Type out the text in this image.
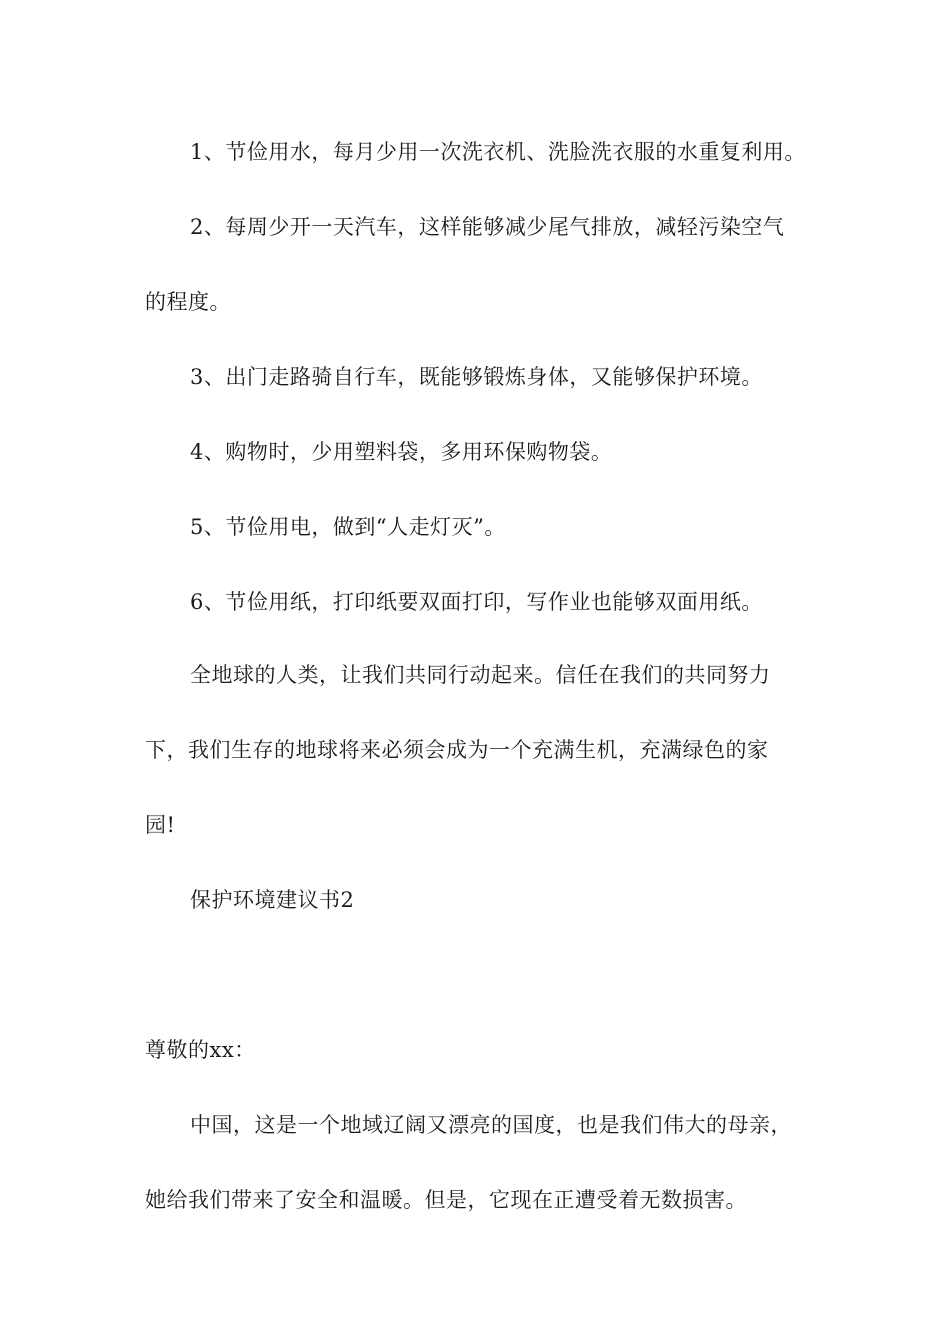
1、节俭用水，每月少用一次洗衣机、洗脸洗衣服的水重复利用。
2、每周少开一天汽车，这样能够减少尾气排放，减轻污染空气
的程度。
3、出门走路骑自行车，既能够锻炼身体，又能够保护环境。
4、购物时，少用塑料袋，多用环保购物袋。
5、节俭用电，做到“人走灯灭”。
6、节俭用纸，打印纸要双面打印，写作业也能够双面用纸。
全地球的人类，让我们共同行动起来。信任在我们的共同努力
下，我们生存的地球将来必须会成为一个充满生机，充满绿色的家
园!
保护环境建议书2
尊敬的xx：
中国，这是一个地域辽阔又漂亮的国度，也是我们伟大的母亲，
她给我们带来了安全和温暖。但是，它现在正遭受着无数损害。
